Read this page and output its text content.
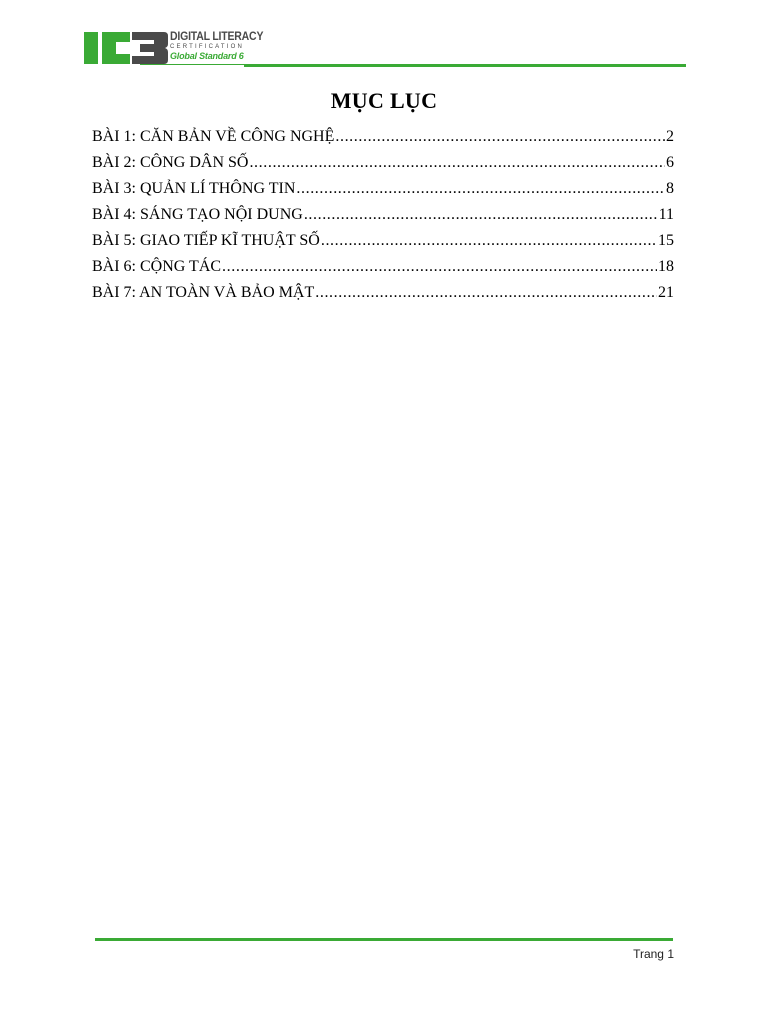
DIGITAL LITERACY
CERTIFICATION
Global Standard 6
MỤC LỤC
BÀI 1: CĂN BẢN VỀ CÔNG NGHỆ .....	2
BÀI 2: CÔNG DÂN SỐ .....	6
BÀI 3: QUẢN LÍ THÔNG TIN .....	8
BÀI 4: SÁNG TẠO NỘI DUNG .....	11
BÀI 5: GIAO TIẾP KĨ THUẬT SỐ .....	15
BÀI 6: CỘNG TÁC .....	18
BÀI 7: AN TOÀN VÀ BẢO MẬT .....	21
Trang 1
